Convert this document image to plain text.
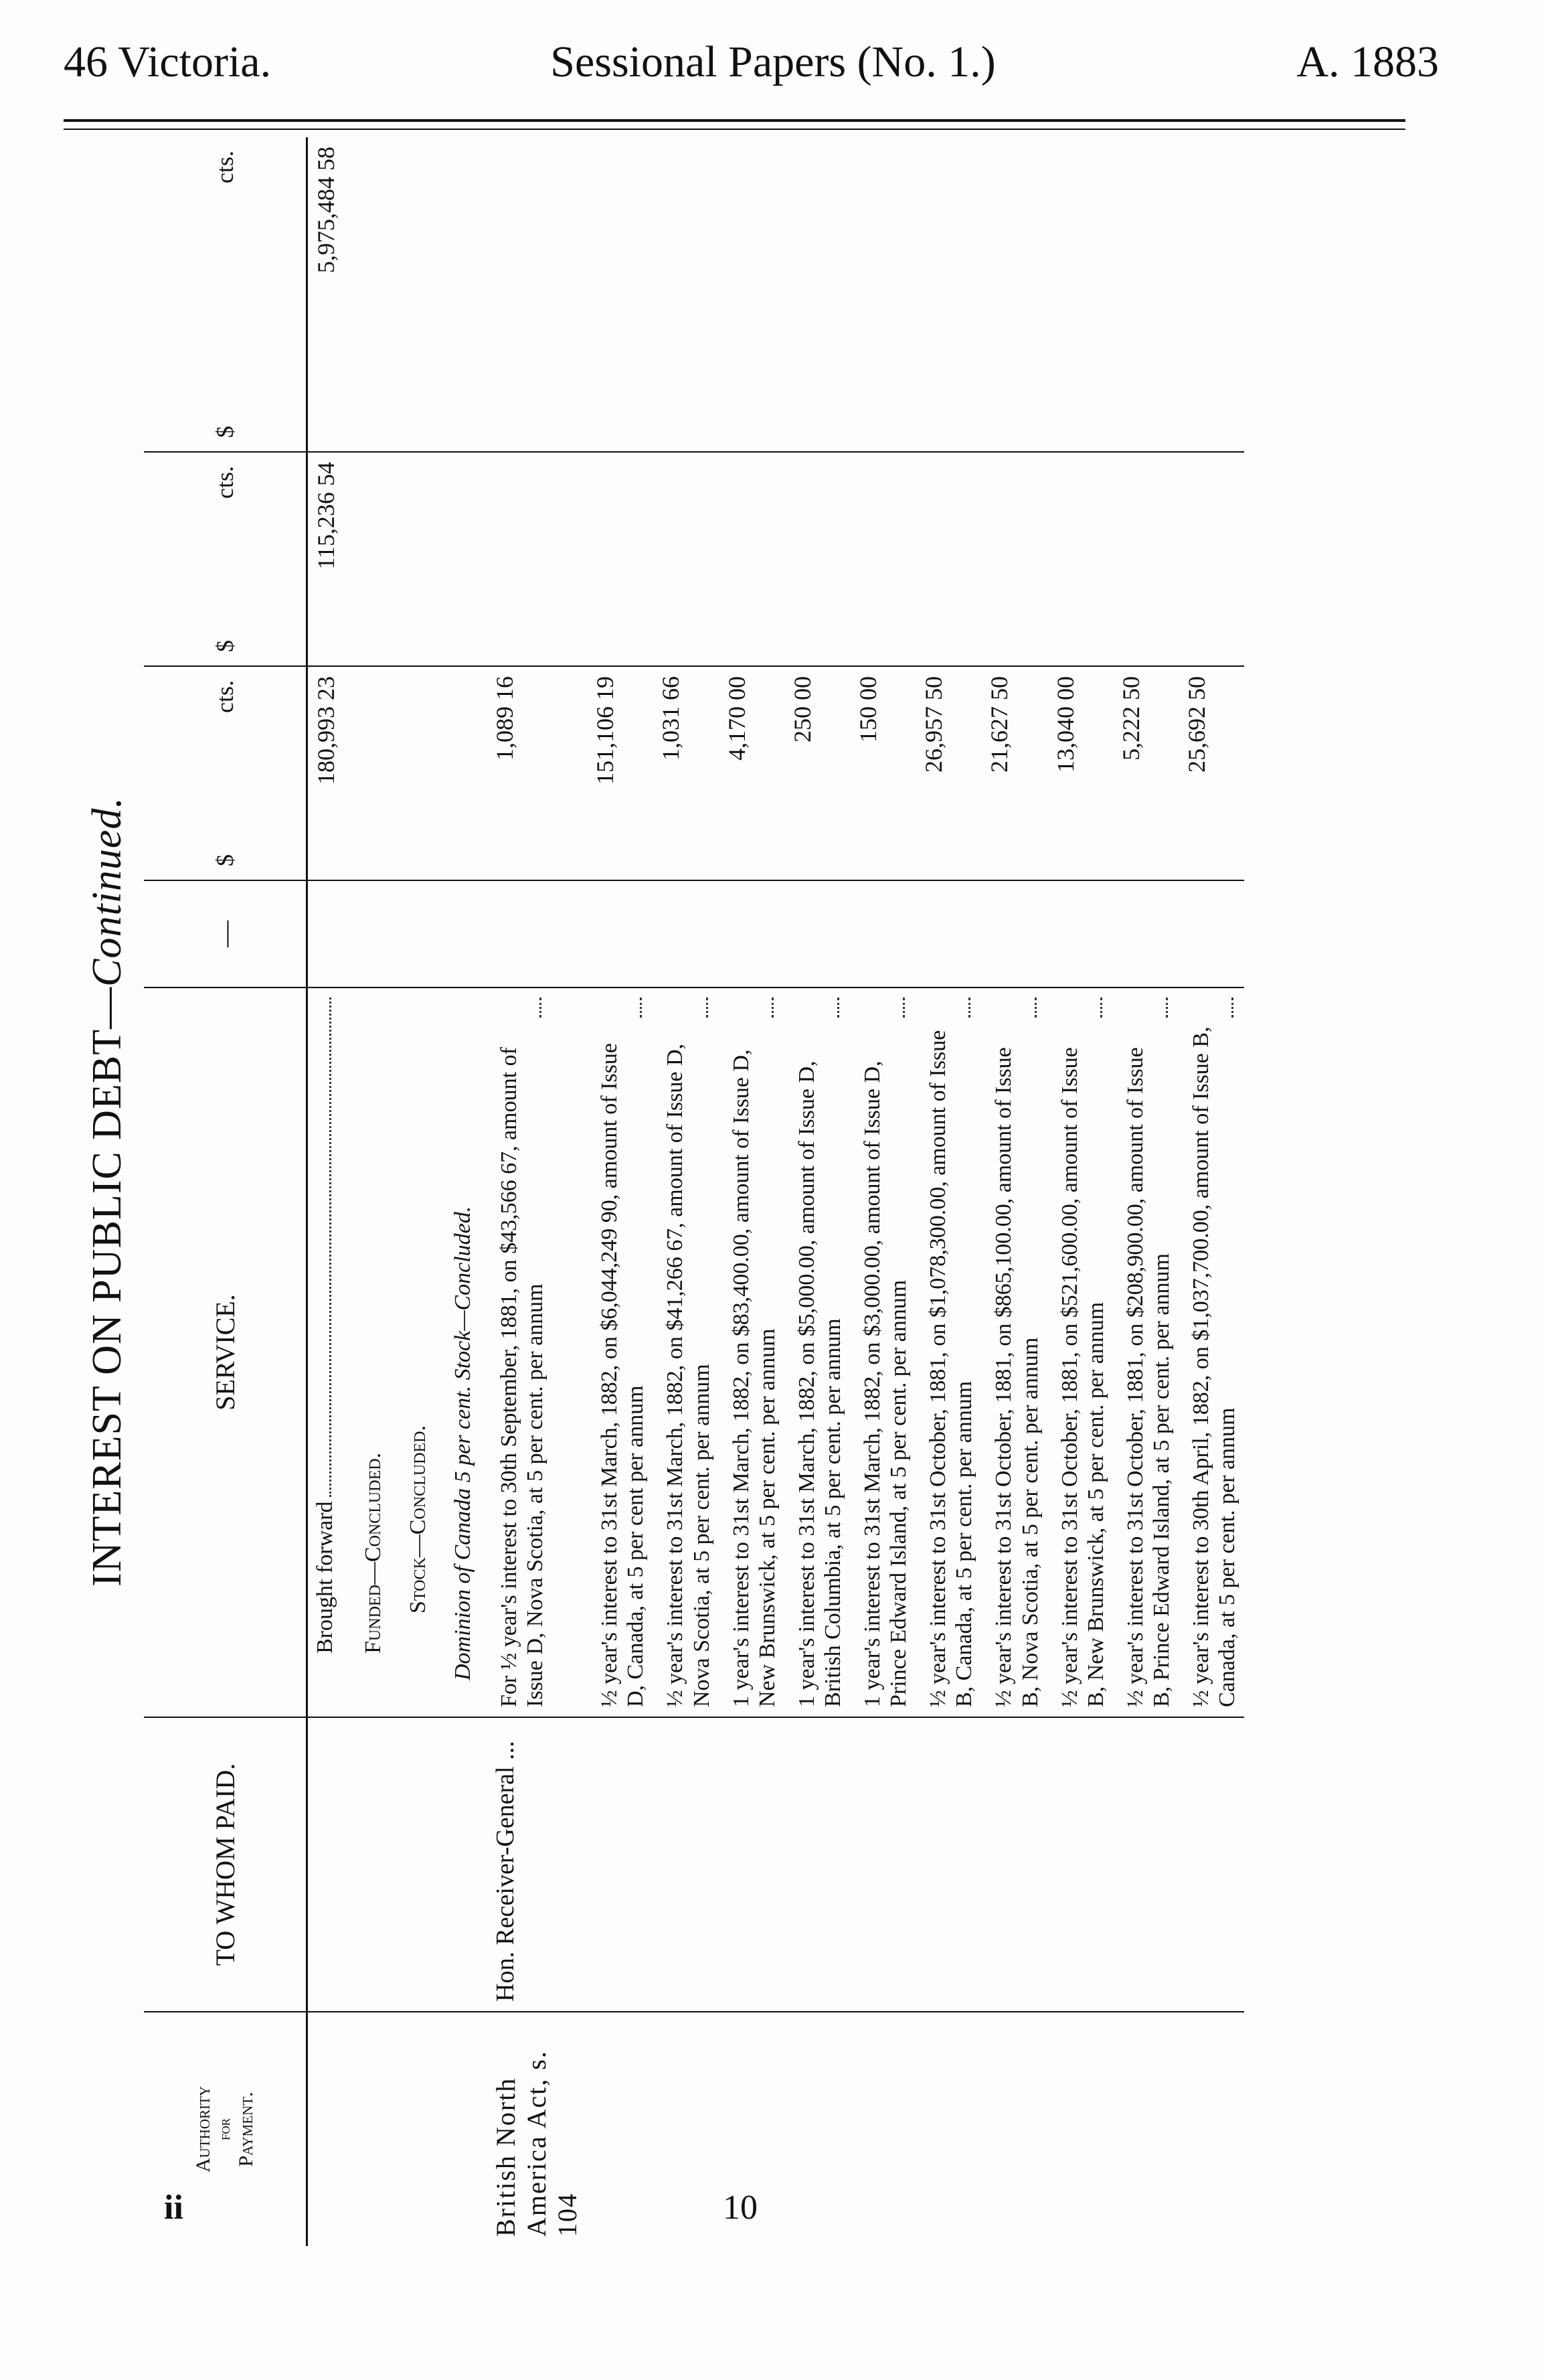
46 Victoria.	Sessional Papers (No. 1.)	A. 1883
INTEREST ON PUBLIC DEBT—Continued.
Authority for Payment.	TO WHOM PAID.	SERVICE.	—	$
cts.	$
cts.	$
cts.

		Brought forward		180,993 23	115,236 54	5,975,484 58

		Funded—Concluded. Stock—Concluded. Dominion of Canada 5 per cent. Stock—Concluded.				

British North America Act, s. 104	Hon. Receiver-General ...	For ½ year's interest to 30th September, 1881, on $43,566 67, amount of Issue D, Nova Scotia, at 5 per cent. per annum		1,089 16		

		½ year's interest to 31st March, 1882, on $6,044,249 90, amount of Issue D, Canada, at 5 per cent per annum		151,106 19		

		½ year's interest to 31st March, 1882, on $41,266 67, amount of Issue D, Nova Scotia, at 5 per cent. per annum		1,031 66		

		1 year's interest to 31st March, 1882, on $83,400.00, amount of Issue D, New Brunswick, at 5 per cent. per annum		4,170 00		

		1 year's interest to 31st March, 1882, on $5,000.00, amount of Issue D, British Columbia, at 5 per cent. per annum		250 00		

		1 year's interest to 31st March, 1882, on $3,000.00, amount of Issue D, Prince Edward Island, at 5 per cent. per annum		150 00		

		½ year's interest to 31st October, 1881, on $1,078,300.00, amount of Issue B, Canada, at 5 per cent. per annum		26,957 50		

		½ year's interest to 31st October, 1881, on $865,100.00, amount of Issue B, Nova Scotia, at 5 per cent. per annum		21,627 50		

		½ year's interest to 31st October, 1881, on $521,600.00, amount of Issue B, New Brunswick, at 5 per cent. per annum		13,040 00		

		½ year's interest to 31st October, 1881, on $208,900.00, amount of Issue B, Prince Edward Island, at 5 per cent. per annum		5,222 50		

		½ year's interest to 30th April, 1882, on $1,037,700.00, amount of Issue B, Canada, at 5 per cent. per annum		25,692 50		
ii	10
